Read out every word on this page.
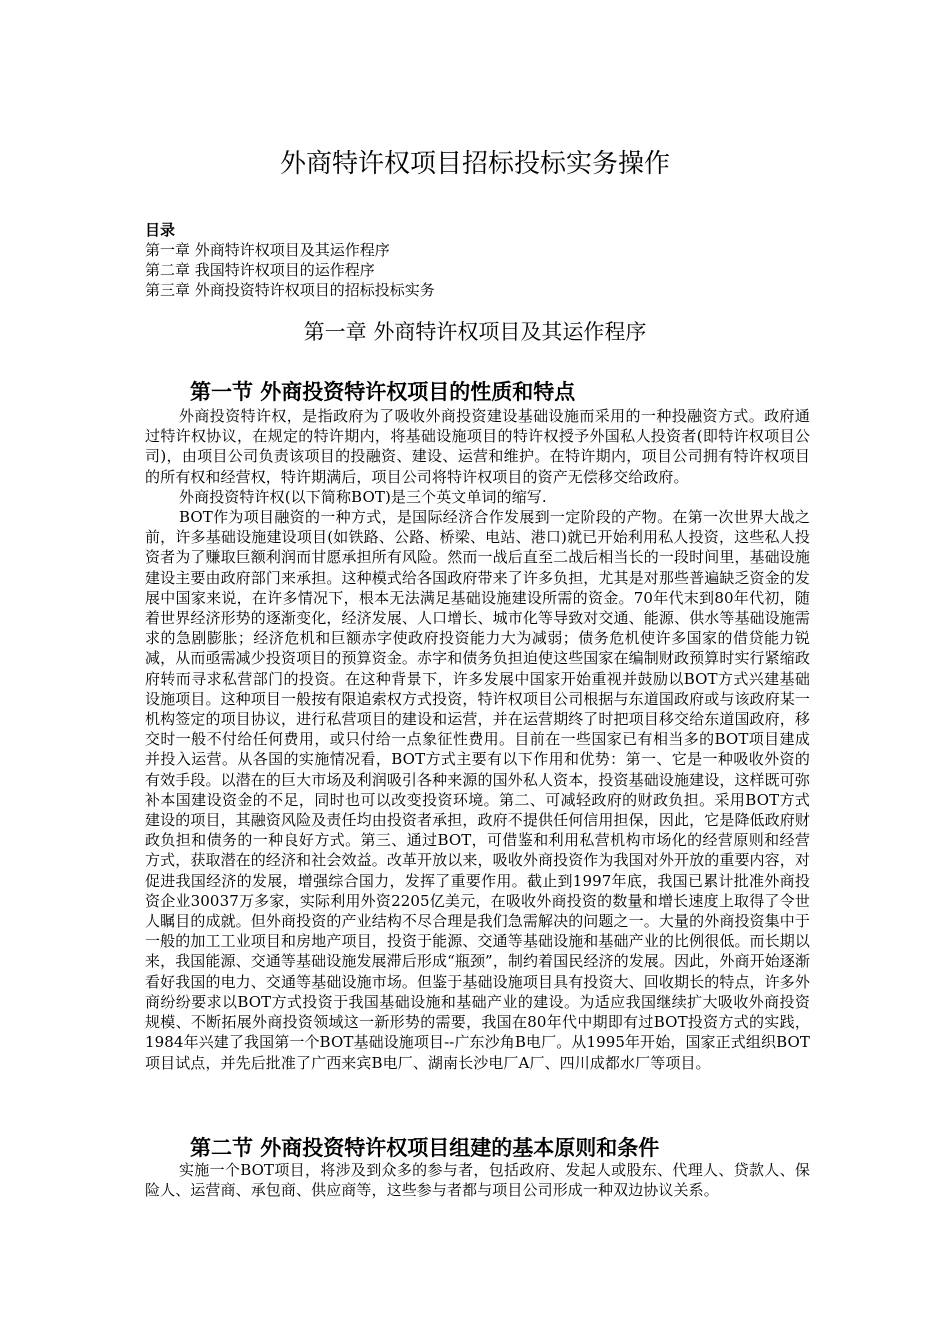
外商特许权项目招标投标实务操作

目录

第一章 外商特许权项目及其运作程序

第二章 我国特许权项目的运作程序

第三章 外商投资特许权项目的招标投标实务

第一章 外商特许权项目及其运作程序
第一节 外商投资特许权项目的性质和特点

外商投资特许权，是指政府为了吸收外商投资建设基础设施而采用的一种投融资方式。政府通过特许权协议，在规定的特许期内，将基础设施项目的特许权授予外国私人投资者(即特许权项目公司)，由项目公司负责该项目的投融资、建设、运营和维护。在特许期内，项目公司拥有特许权项目的所有权和经营权，特许期满后，项目公司将特许权项目的资产无偿移交给政府。

外商投资特许权(以下简称BOT)是三个英文单词的缩写.

BOT作为项目融资的一种方式，是国际经济合作发展到一定阶段的产物。在第一次世界大战之前，许多基础设施建设项目(如铁路、公路、桥梁、电站、港口)就已开始利用私人投资，这些私人投资者为了赚取巨额利润而甘愿承担所有风险。然而一战后直至二战后相当长的一段时间里，基础设施建设主要由政府部门来承担。这种模式给各国政府带来了许多负担，尤其是对那些普遍缺乏资金的发展中国家来说，在许多情况下，根本无法满足基础设施建设所需的资金。70年代末到80年代初，随着世界经济形势的逐渐变化，经济发展、人口增长、城市化等导致对交通、能源、供水等基础设施需求的急剧膨胀；经济危机和巨额赤字使政府投资能力大为减弱；债务危机使许多国家的借贷能力锐减，从而亟需减少投资项目的预算资金。赤字和债务负担迫使这些国家在编制财政预算时实行紧缩政府转而寻求私营部门的投资。在这种背景下，许多发展中国家开始重视并鼓励以BOT方式兴建基础设施项目。这种项目一般按有限追索权方式投资，特许权项目公司根据与东道国政府或与该政府某一机构签定的项目协议，进行私营项目的建设和运营，并在运营期终了时把项目移交给东道国政府，移交时一般不付给任何费用，或只付给一点象征性费用。目前在一些国家已有相当多的BOT项目建成并投入运营。从各国的实施情况看，BOT方式主要有以下作用和优势：第一、它是一种吸收外资的有效手段。以潜在的巨大市场及利润吸引各种来源的国外私人资本，投资基础设施建设，这样既可弥补本国建设资金的不足，同时也可以改变投资环境。第二、可减轻政府的财政负担。采用BOT方式建设的项目，其融资风险及责任均由投资者承担，政府不提供任何信用担保，因此，它是降低政府财政负担和债务的一种良好方式。第三、通过BOT，可借鉴和利用私营机构市场化的经营原则和经营方式，获取潜在的经济和社会效益。改革开放以来，吸收外商投资作为我国对外开放的重要内容，对促进我国经济的发展，增强综合国力，发挥了重要作用。截止到1997年底，我国已累计批准外商投资企业30037万多家，实际利用外资2205亿美元，在吸收外商投资的数量和增长速度上取得了令世人瞩目的成就。但外商投资的产业结构不尽合理是我们急需解决的问题之一。大量的外商投资集中于一般的加工工业项目和房地产项目，投资于能源、交通等基础设施和基础产业的比例很低。而长期以来，我国能源、交通等基础设施发展滞后形成“瓶颈”，制约着国民经济的发展。因此，外商开始逐渐看好我国的电力、交通等基础设施市场。但鉴于基础设施项目具有投资大、回收期长的特点，许多外商纷纷要求以BOT方式投资于我国基础设施和基础产业的建设。为适应我国继续扩大吸收外商投资规模、不断拓展外商投资领域这一新形势的需要，我国在80年代中期即有过BOT投资方式的实践，1984年兴建了我国第一个BOT基础设施项目--广东沙角B电厂。从1995年开始，国家正式组织BOT项目试点，并先后批准了广西来宾B电厂、湖南长沙电厂A厂、四川成都水厂等项目。

第二节 外商投资特许权项目组建的基本原则和条件

实施一个BOT项目，将涉及到众多的参与者，包括政府、发起人或股东、代理人、贷款人、保险人、运营商、承包商、供应商等，这些参与者都与项目公司形成一种双边协议关系。
